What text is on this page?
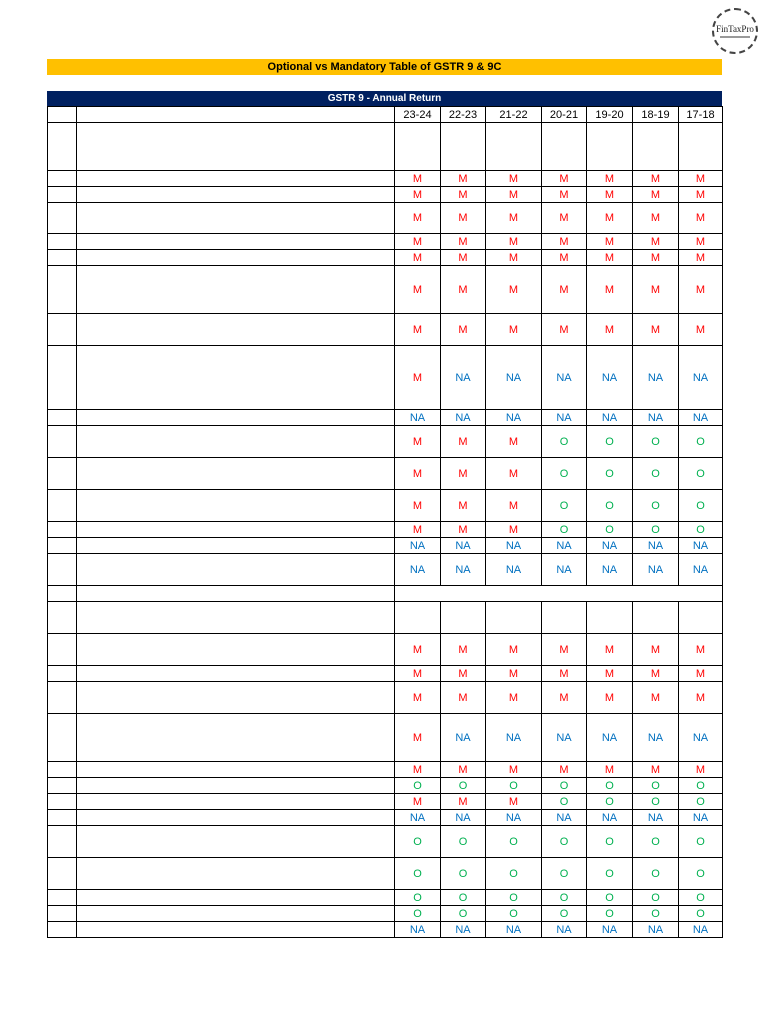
FinTaxPro
Optional vs Mandatory Table of GSTR 9 & 9C
GSTR 9 - Annual Return
		23-24	22-23	21-22	20-21	19-20	18-19	17-18

		M	M	M	M	M	M	M
		M	M	M	M	M	M	M
		M	M	M	M	M	M	M
		M	M	M	M	M	M	M
		M	M	M	M	M	M	M
		M	M	M	M	M	M	M
		M	M	M	M	M	M	M
		M	NA	NA	NA	NA	NA	NA
		NA	NA	NA	NA	NA	NA	NA
		M	M	M	O	O	O	O
		M	M	M	O	O	O	O
		M	M	M	O	O	O	O
		M	M	M	O	O	O	O
		NA	NA	NA	NA	NA	NA	NA
		NA	NA	NA	NA	NA	NA	NA

		M	M	M	M	M	M	M
		M	M	M	M	M	M	M
		M	M	M	M	M	M	M
		M	NA	NA	NA	NA	NA	NA
		M	M	M	M	M	M	M
		O	O	O	O	O	O	O
		M	M	M	O	O	O	O
		NA	NA	NA	NA	NA	NA	NA
		O	O	O	O	O	O	O
		O	O	O	O	O	O	O
		O	O	O	O	O	O	O
		O	O	O	O	O	O	O
		NA	NA	NA	NA	NA	NA	NA
